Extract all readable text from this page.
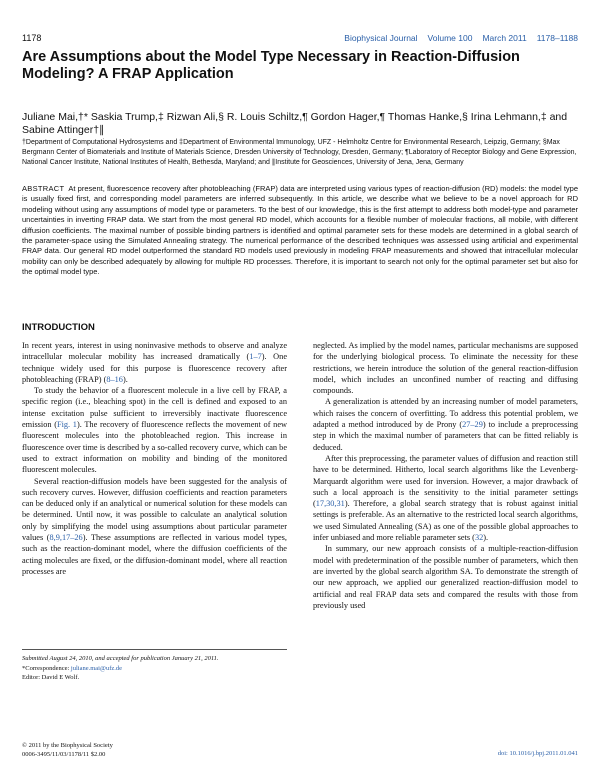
1178	Biophysical Journal Volume 100 March 2011 1178–1188
Are Assumptions about the Model Type Necessary in Reaction-Diffusion Modeling? A FRAP Application
Juliane Mai,†* Saskia Trump,‡ Rizwan Ali,§ R. Louis Schiltz,¶ Gordon Hager,¶ Thomas Hanke,§ Irina Lehmann,‡ and Sabine Attinger†∥
†Department of Computational Hydrosystems and ‡Department of Environmental Immunology, UFZ - Helmholtz Centre for Environmental Research, Leipzig, Germany; §Max Bergmann Center of Biomaterials and Institute of Materials Science, Dresden University of Technology, Dresden, Germany; ¶Laboratory of Receptor Biology and Gene Expression, National Cancer Institute, National Institutes of Health, Bethesda, Maryland; and ∥Institute for Geosciences, University of Jena, Jena, Germany
ABSTRACT At present, fluorescence recovery after photobleaching (FRAP) data are interpreted using various types of reaction-diffusion (RD) models: the model type is usually fixed first, and corresponding model parameters are inferred subsequently. In this article, we describe what we believe to be a novel approach for RD modeling without using any assumptions of model type or parameters. To the best of our knowledge, this is the first attempt to address both model-type and parameter uncertainties in inverting FRAP data. We start from the most general RD model, which accounts for a flexible number of molecular fractions, all mobile, with different diffusion coefficients. The maximal number of possible binding partners is identified and optimal parameter sets for these models are determined in a global search of the parameter-space using the Simulated Annealing strategy. The numerical performance of the described techniques was assessed using artificial and experimental FRAP data. Our general RD model outperformed the standard RD models used previously in modeling FRAP measurements and showed that intracellular molecular mobility can only be described adequately by allowing for multiple RD processes. Therefore, it is important to search not only for the optimal parameter set but also for the optimal model type.
INTRODUCTION

In recent years, interest in using noninvasive methods to observe and analyze intracellular molecular mobility has increased dramatically (1–7). One technique widely used for this purpose is fluorescence recovery after photobleaching (FRAP) (8–16).

To study the behavior of a fluorescent molecule in a live cell by FRAP, a specific region (i.e., bleaching spot) in the cell is defined and exposed to an intense excitation pulse sufficient to irreversibly inactivate fluorescence emission (Fig. 1). The recovery of fluorescence reflects the movement of new fluorescent molecules into the photobleached region. This increase in fluorescence over time is described by a so-called recovery curve, which can be used to extract information on mobility and binding of the monitored fluorescent molecules.

Several reaction-diffusion models have been suggested for the analysis of such recovery curves. However, diffusion coefficients and reaction parameters can be deduced only if an analytical or numerical solution for these models can be determined. Until now, it was possible to calculate an analytical solution only by simplifying the model using assumptions about particular parameter values (8,9,17–26). These assumptions are reflected in various model types, such as the reaction-dominant model, where the diffusion coefficients of the acting molecules are fixed, or the diffusion-dominant model, where all reaction processes are

neglected. As implied by the model names, particular mechanisms are supposed for the underlying biological process. To eliminate the necessity for these restrictions, we herein introduce the solution of the general reaction-diffusion model, which includes an unconfined number of reacting and diffusing compounds.

A generalization is attended by an increasing number of model parameters, which raises the concern of overfitting. To address this potential problem, we adapted a method introduced by de Prony (27–29) to include a preprocessing step in which the maximal number of parameters that can be fitted reliably is deduced.

After this preprocessing, the parameter values of diffusion and reaction still have to be determined. Hitherto, local search algorithms like the Levenberg-Marquardt algorithm were used for inversion. However, a major drawback of such a local approach is the sensitivity to the initial parameter settings (17,30,31). Therefore, a global search strategy that is robust against initial settings is preferable. As an alternative to the restricted local search algorithms, we used Simulated Annealing (SA) as one of the possible global approaches to infer unbiased and more reliable parameter sets (32).

In summary, our new approach consists of a multiple-reaction-diffusion model with predetermination of the possible number of parameters, which then are inverted by the global search algorithm SA. To demonstrate the strength of our new approach, we applied our generalized reaction-diffusion model to artificial and real FRAP data sets and compared the results with those from previously used

Submitted August 24, 2010, and accepted for publication January 21, 2011.
*Correspondence: juliane.mai@ufz.de
Editor: David E Wolf.
© 2011 by the Biophysical Society
0006-3495/11/03/1178/11 $2.00	doi: 10.1016/j.bpj.2011.01.041
